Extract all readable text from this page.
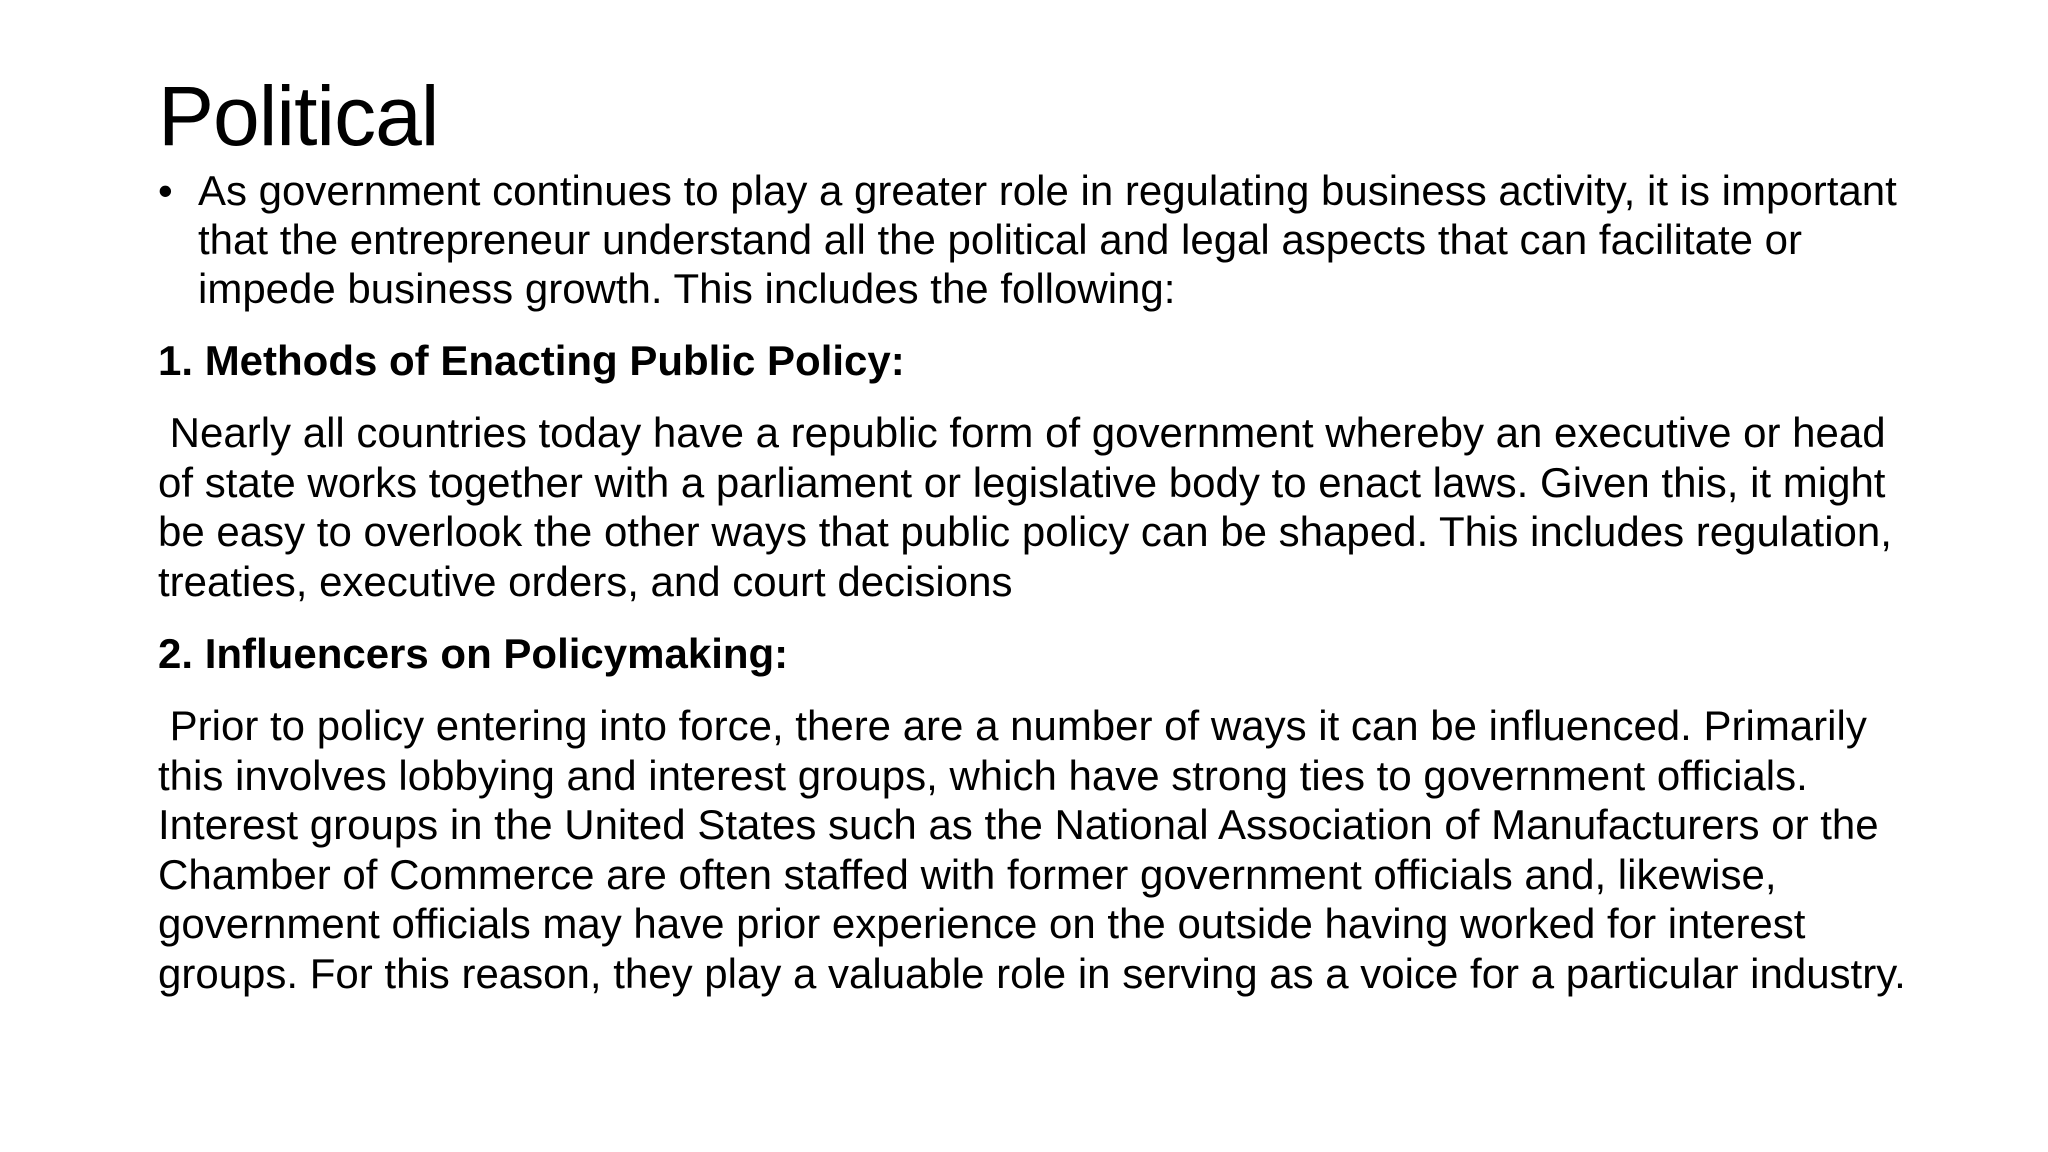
Political
• As government continues to play a greater role in regulating business activity, it is important that the entrepreneur understand all the political and legal aspects that can facilitate or impede business growth. This includes the following:
1. Methods of Enacting Public Policy:
Nearly all countries today have a republic form of government whereby an executive or head of state works together with a parliament or legislative body to enact laws. Given this, it might be easy to overlook the other ways that public policy can be shaped. This includes regulation, treaties, executive orders, and court decisions
2. Influencers on Policymaking:
Prior to policy entering into force, there are a number of ways it can be influenced. Primarily this involves lobbying and interest groups, which have strong ties to government officials. Interest groups in the United States such as the National Association of Manufacturers or the Chamber of Commerce are often staffed with former government officials and, likewise, government officials may have prior experience on the outside having worked for interest groups. For this reason, they play a valuable role in serving as a voice for a particular industry.
